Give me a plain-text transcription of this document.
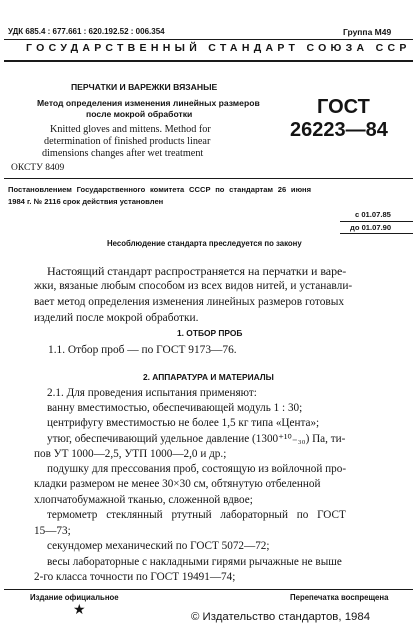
УДК 685.4 : 677.661 : 620.192.52 : 006.354	Группа М49
ГОСУДАРСТВЕННЫЙ СТАНДАРТ СОЮЗА ССР
ПЕРЧАТКИ И ВАРЕЖКИ ВЯЗАНЫЕ
Метод определения изменения линейных размеров
после мокрой обработки
Knitted gloves and mittens. Method for
determination of finished products linear
dimensions changes after wet treatment
ГОСТ
26223—84
ОКСТУ 8409
Постановлением Государственного комитета СССР по стандартам 26 июня
1984 г. № 2116 срок действия установлен
с 01.07.85
до 01.07.90
Несоблюдение стандарта преследуется по закону
Настоящий стандарт распространяется на перчатки и варе-
жки, вязаные любым способом из всех видов нитей, и устанавли-
вает метод определения изменения линейных размеров готовых
изделий после мокрой обработки.
1. ОТБОР ПРОБ
1.1. Отбор проб — по ГОСТ 9173—76.
2. АППАРАТУРА И МАТЕРИАЛЫ
2.1. Для проведения испытания применяют:
ванну вместимостью, обеспечивающей модуль 1 : 30;
центрифугу вместимостью не более 1,5 кг типа «Цента»;
утюг, обеспечивающий удельное давление (1300⁺¹⁰₋₃₀) Па, ти-
пов УТ 1000—2,5, УТП 1000—2,0 и др.;
подушку для прессования проб, состоящую из войлочной про-
кладки размером не менее 30×30 см, обтянутую отбеленной
хлопчатобумажной тканью, сложенной вдвое;
термометр стеклянный ртутный лабораторный по ГОСТ
15—73;
секундомер механический по ГОСТ 5072—72;
весы лабораторные с накладными гирями рычажные не выше
2-го класса точности по ГОСТ 19491—74;
Издание официальное	Перепечатка воспрещена
★	© Издательство стандартов, 1984
